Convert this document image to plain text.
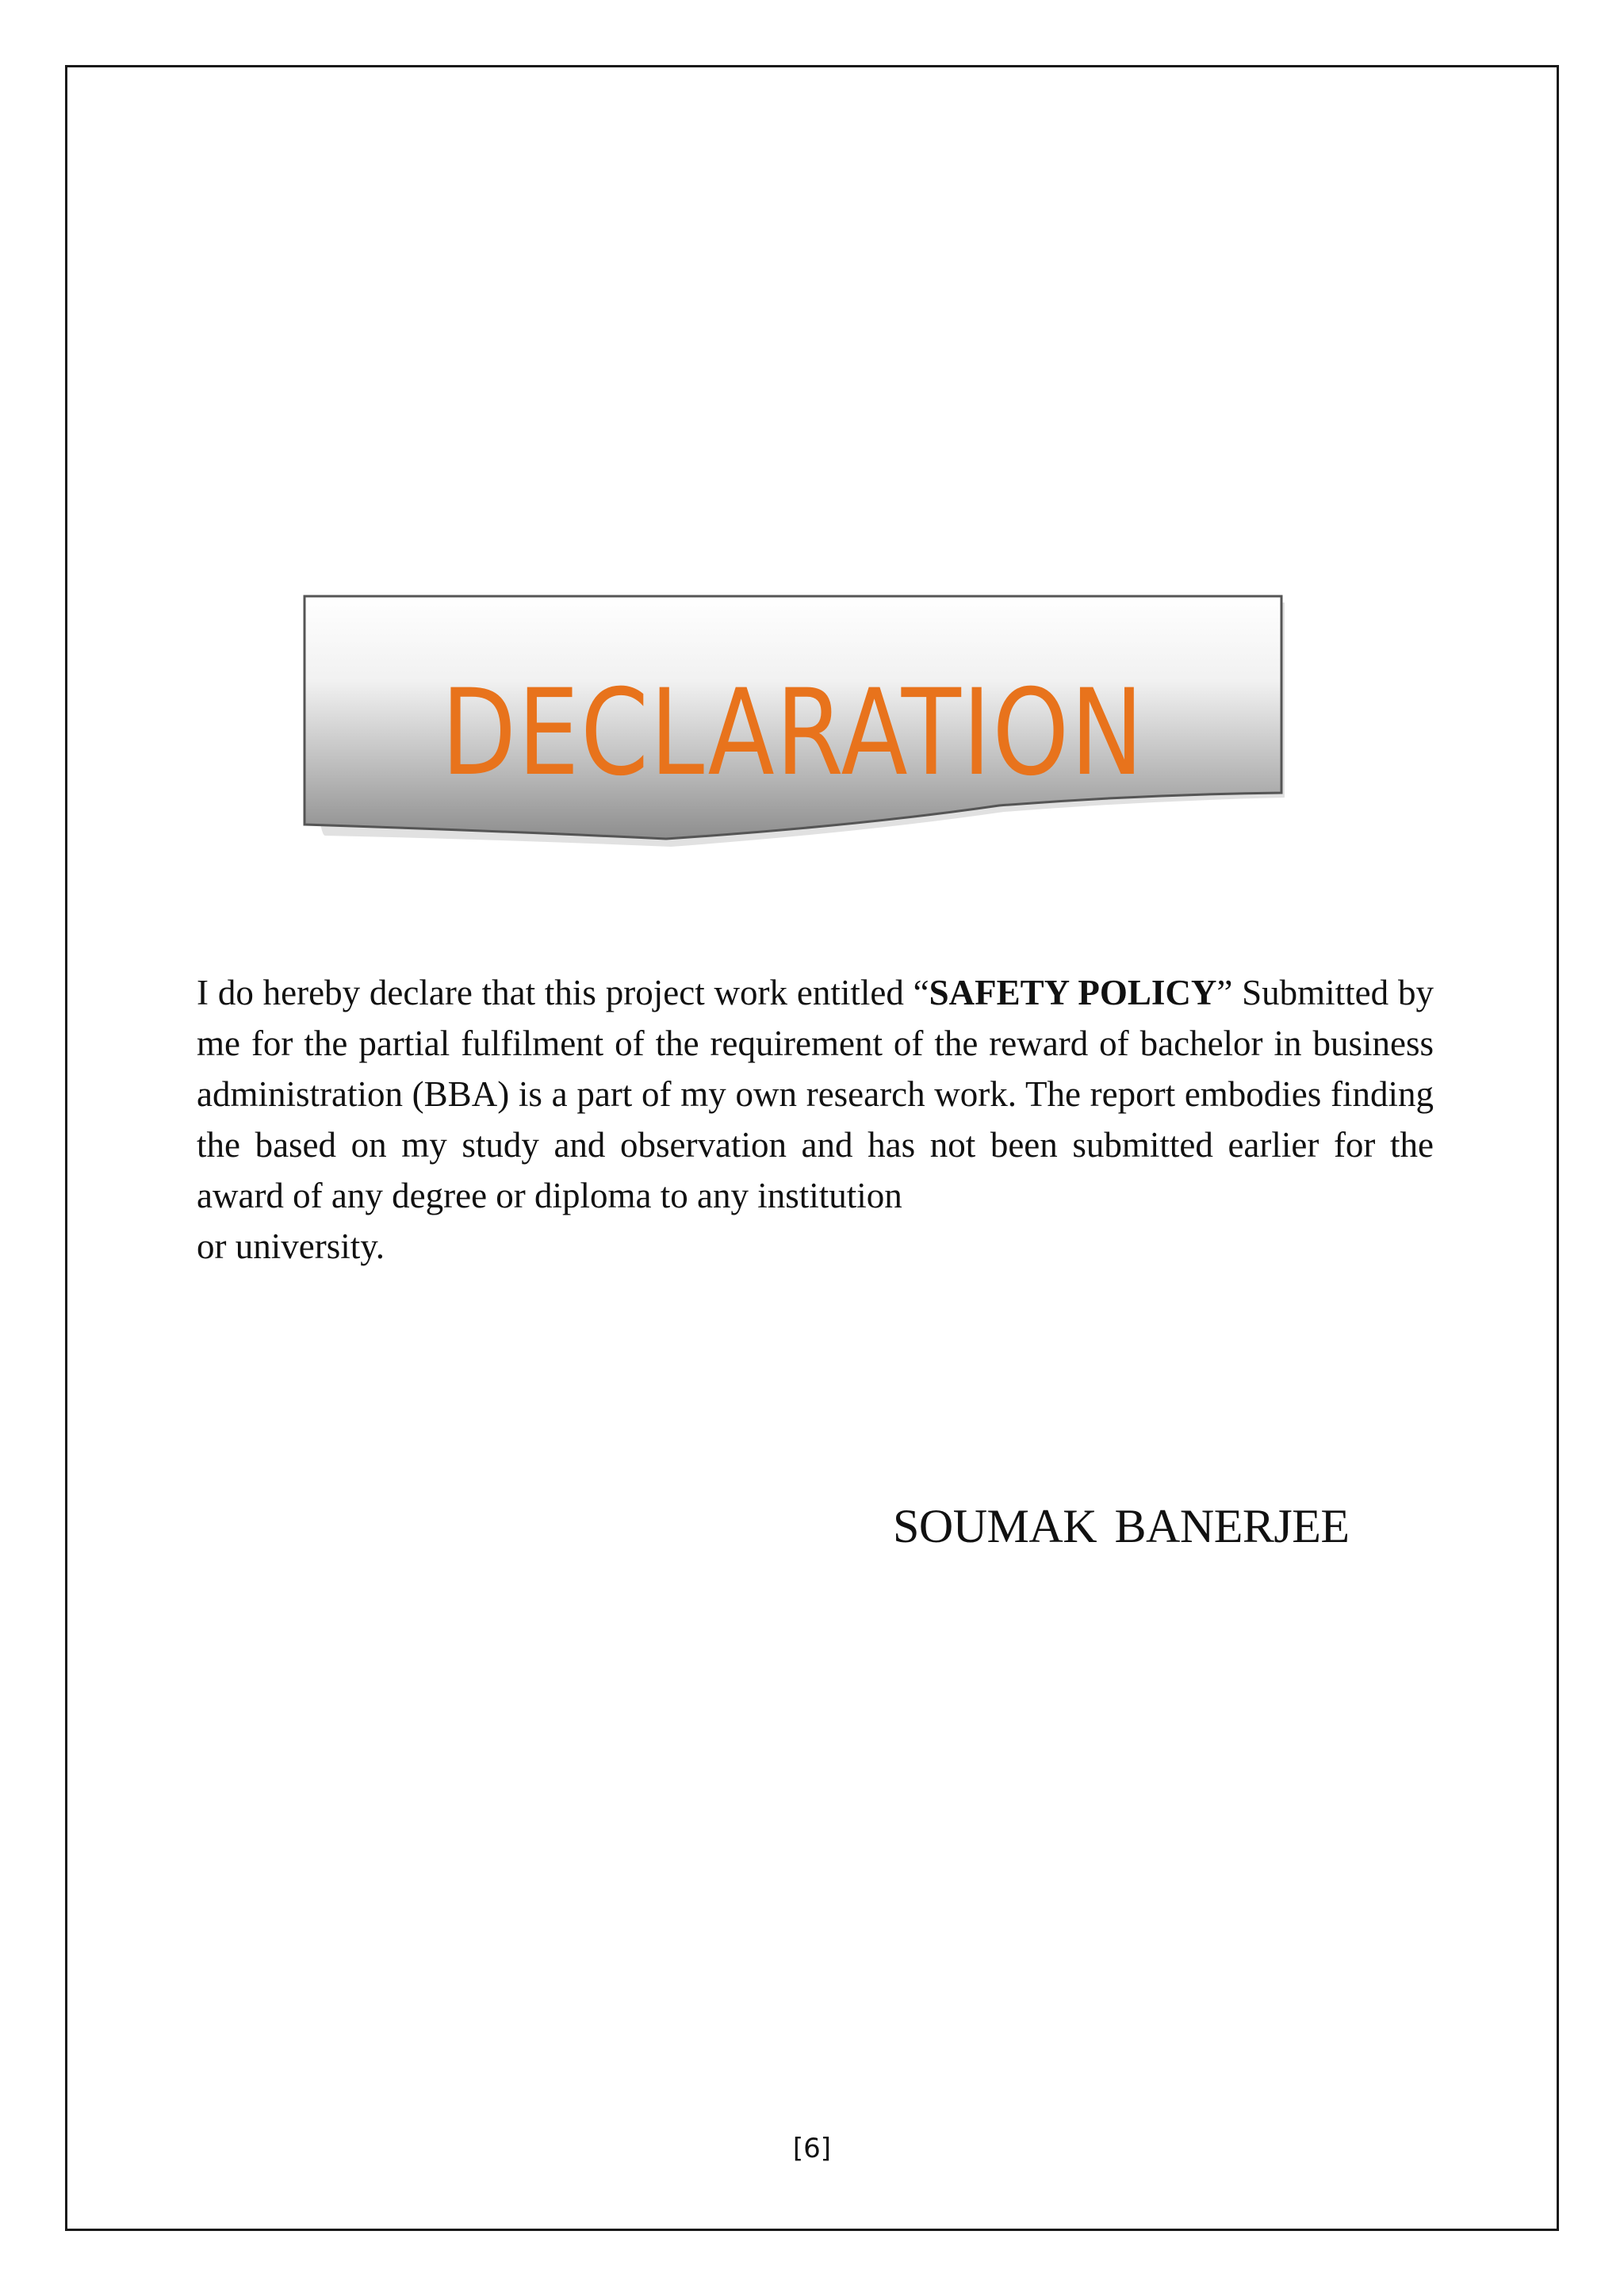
DECLARATION

I do hereby declare that this project work entitled “SAFETY POLICY” Submitted by me for the partial fulfilment of the requirement of the reward of bachelor in business administration (BBA) is a part of my own research work. The report embodies finding the based on my study and observation and has not been submitted earlier for the award of any degree or diploma to any institution
or university.

SOUMAK BANERJEE
[6]
